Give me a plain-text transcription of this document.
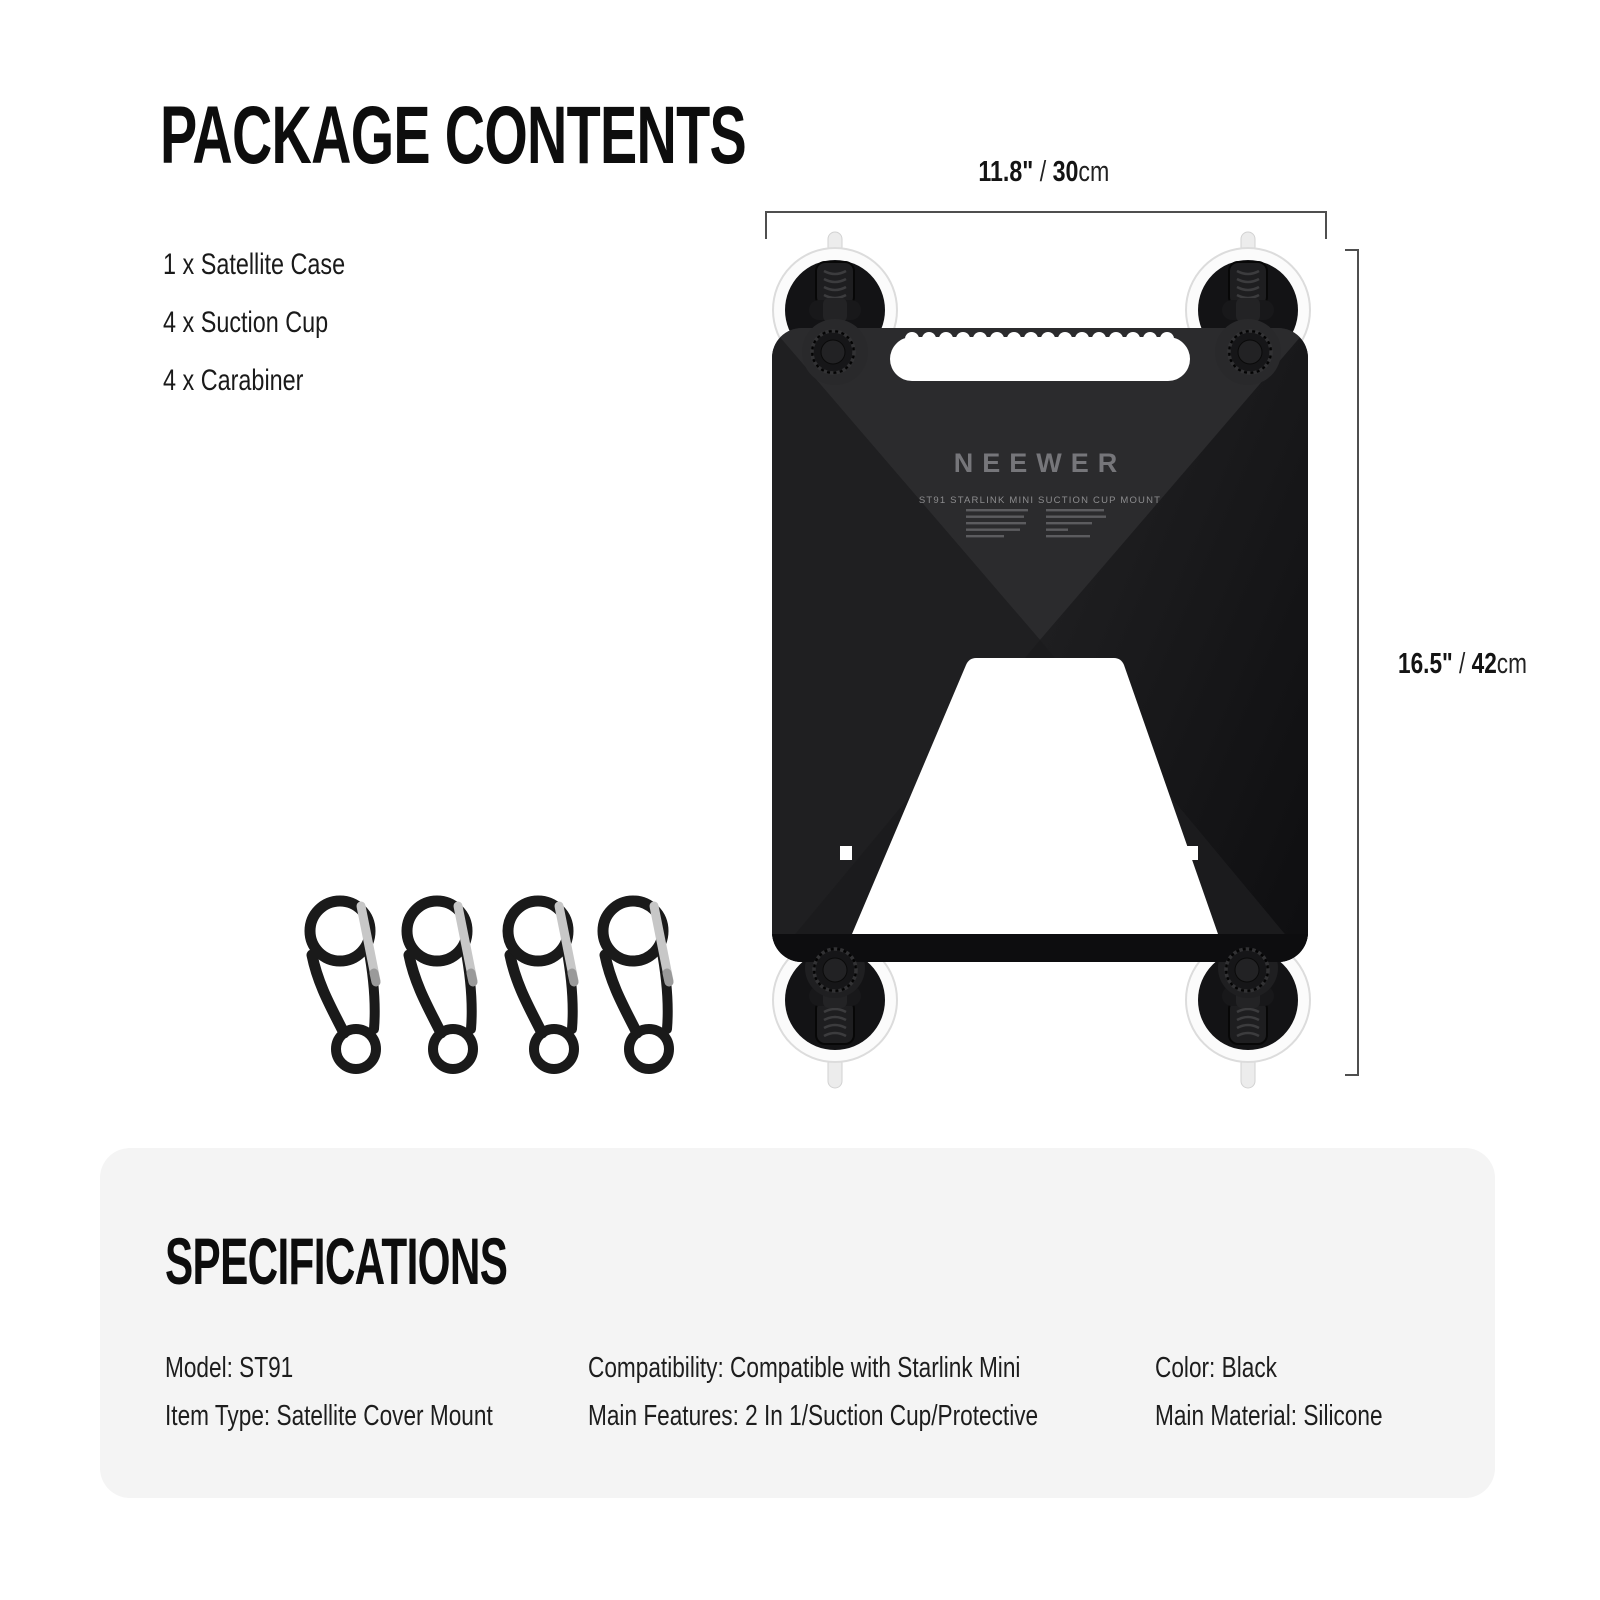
PACKAGE CONTENTS
1 x Satellite Case
4 x Suction Cup
4 x Carabiner
11.8" / 30cm
16.5" / 42cm
NEEWER
ST91 STARLINK MINI SUCTION CUP MOUNT
SPECIFICATIONS
Model: ST91
Item Type: Satellite Cover Mount
Compatibility: Compatible with Starlink Mini
Main Features: 2 In 1/Suction Cup/Protective
Color: Black
Main Material: Silicone
